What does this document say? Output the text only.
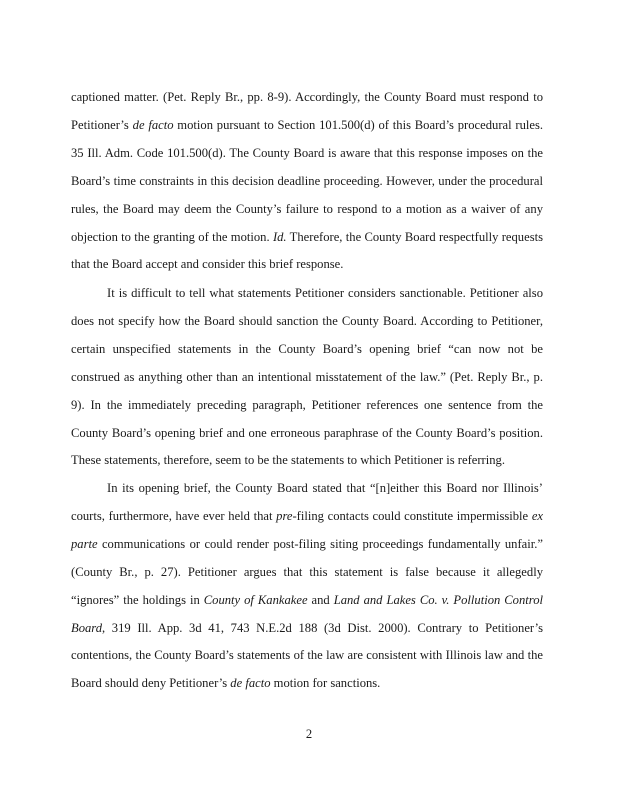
captioned matter. (Pet. Reply Br., pp. 8-9). Accordingly, the County Board must respond to Petitioner’s de facto motion pursuant to Section 101.500(d) of this Board’s procedural rules. 35 Ill. Adm. Code 101.500(d). The County Board is aware that this response imposes on the Board’s time constraints in this decision deadline proceeding. However, under the procedural rules, the Board may deem the County’s failure to respond to a motion as a waiver of any objection to the granting of the motion. Id. Therefore, the County Board respectfully requests that the Board accept and consider this brief response.

It is difficult to tell what statements Petitioner considers sanctionable. Petitioner also does not specify how the Board should sanction the County Board. According to Petitioner, certain unspecified statements in the County Board’s opening brief “can now not be construed as anything other than an intentional misstatement of the law.” (Pet. Reply Br., p. 9). In the immediately preceding paragraph, Petitioner references one sentence from the County Board’s opening brief and one erroneous paraphrase of the County Board’s position. These statements, therefore, seem to be the statements to which Petitioner is referring.

In its opening brief, the County Board stated that “[n]either this Board nor Illinois’ courts, furthermore, have ever held that pre-filing contacts could constitute impermissible ex parte communications or could render post-filing siting proceedings fundamentally unfair.” (County Br., p. 27). Petitioner argues that this statement is false because it allegedly “ignores” the holdings in County of Kankakee and Land and Lakes Co. v. Pollution Control Board, 319 Ill. App. 3d 41, 743 N.E.2d 188 (3d Dist. 2000). Contrary to Petitioner’s contentions, the County Board’s statements of the law are consistent with Illinois law and the Board should deny Petitioner’s de facto motion for sanctions.

2
